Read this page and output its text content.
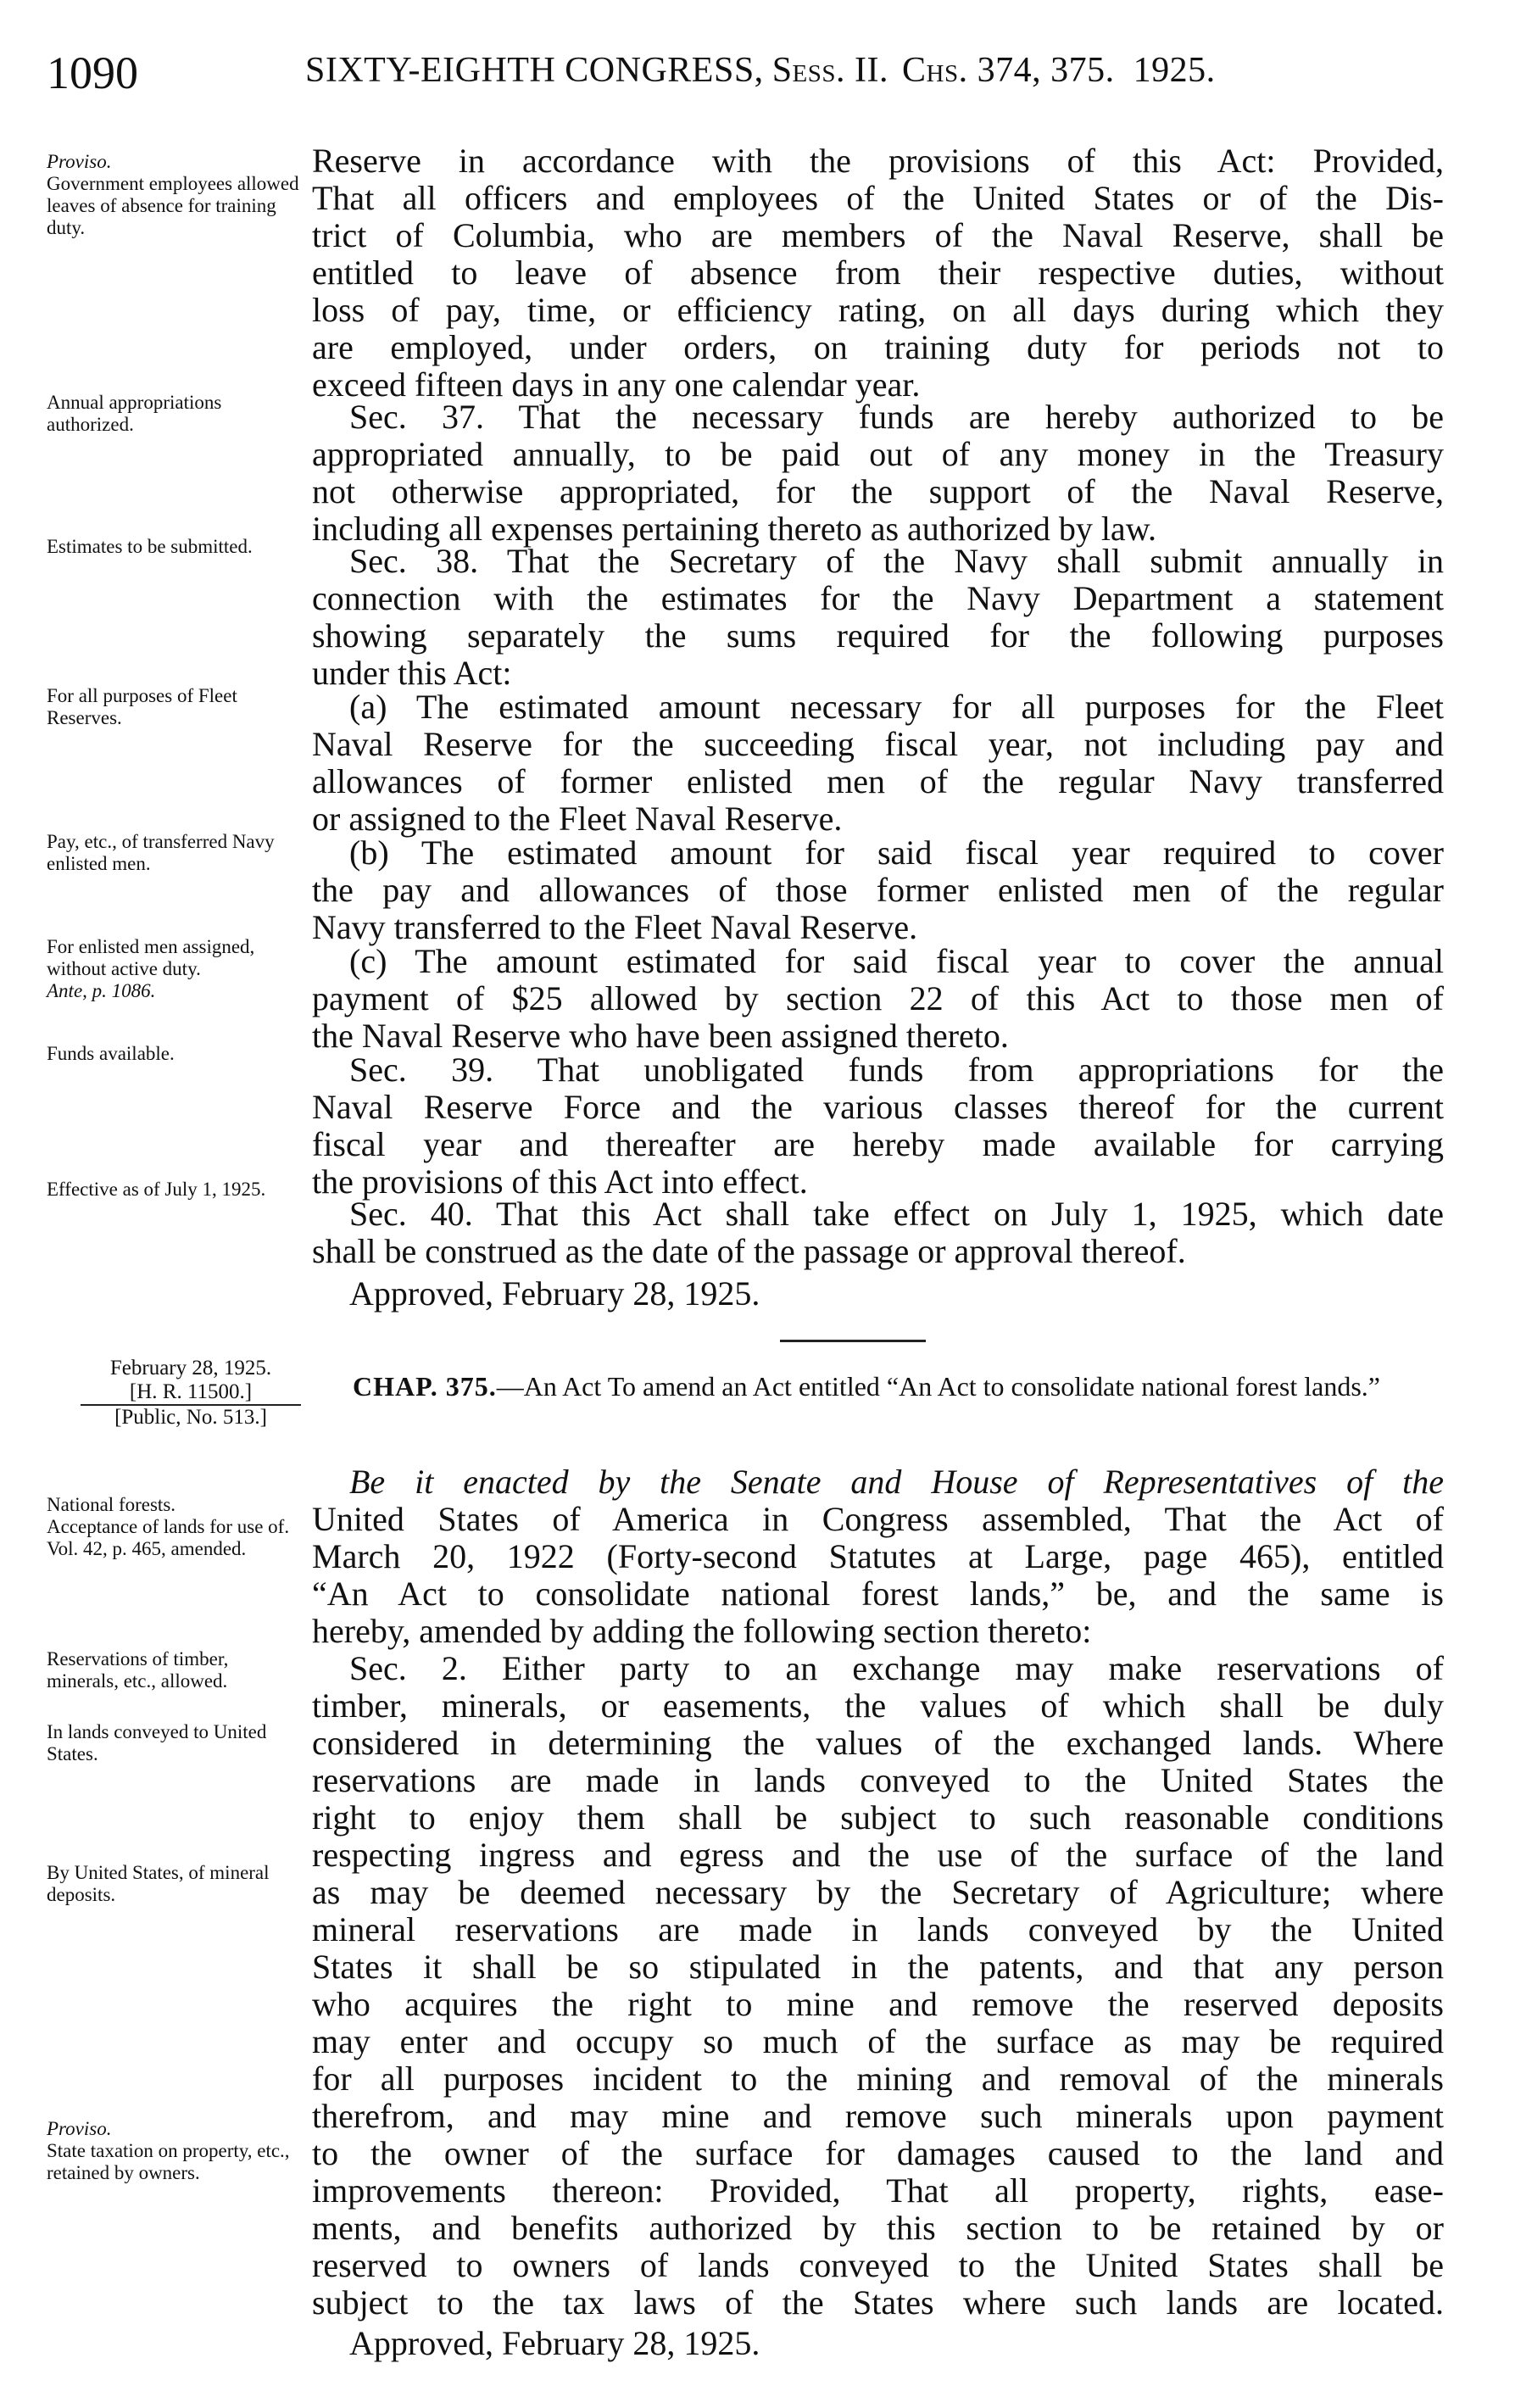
1090	SIXTY-EIGHTH CONGRESS, Sess. II. Chs. 374, 375. 1925.
Proviso.
Government employees allowed leaves of absence for training duty.
Annual appropriations authorized.
Estimates to be submitted.
For all purposes of Fleet Reserves.
Pay, etc., of transferred Navy enlisted men.
For enlisted men assigned, without active duty.
Ante, p. 1086.
Funds available.
Effective as of July 1, 1925.
February 28, 1925.
[H. R. 11500.]
[Public, No. 513.]
National forests.
Acceptance of lands for use of.
Vol. 42, p. 465, amended.
Reservations of timber, minerals, etc., allowed.
In lands conveyed to United States.
By United States, of mineral deposits.
Proviso.
State taxation on property, etc., retained by owners.
Reserve in accordance with the provisions of this Act: Provided,
That all officers and employees of the United States or of the Dis-
trict of Columbia, who are members of the Naval Reserve, shall be
entitled to leave of absence from their respective duties, without
loss of pay, time, or efficiency rating, on all days during which they
are employed, under orders, on training duty for periods not to
exceed fifteen days in any one calendar year.
Sec. 37. That the necessary funds are hereby authorized to be
appropriated annually, to be paid out of any money in the Treasury
not otherwise appropriated, for the support of the Naval Reserve,
including all expenses pertaining thereto as authorized by law.
Sec. 38. That the Secretary of the Navy shall submit annually in
connection with the estimates for the Navy Department a statement
showing separately the sums required for the following purposes
under this Act:
(a) The estimated amount necessary for all purposes for the Fleet
Naval Reserve for the succeeding fiscal year, not including pay and
allowances of former enlisted men of the regular Navy transferred
or assigned to the Fleet Naval Reserve.
(b) The estimated amount for said fiscal year required to cover
the pay and allowances of those former enlisted men of the regular
Navy transferred to the Fleet Naval Reserve.
(c) The amount estimated for said fiscal year to cover the annual
payment of $25 allowed by section 22 of this Act to those men of
the Naval Reserve who have been assigned thereto.
Sec. 39. That unobligated funds from appropriations for the
Naval Reserve Force and the various classes thereof for the current
fiscal year and thereafter are hereby made available for carrying
the provisions of this Act into effect.
Sec. 40. That this Act shall take effect on July 1, 1925, which date
shall be construed as the date of the passage or approval thereof.
Approved, February 28, 1925.
CHAP. 375.—An Act To amend an Act entitled “An Act to consolidate national forest lands.”
Be it enacted by the Senate and House of Representatives of the
United States of America in Congress assembled, That the Act of
March 20, 1922 (Forty-second Statutes at Large, page 465), entitled
“An Act to consolidate national forest lands,” be, and the same is
hereby, amended by adding the following section thereto:
Sec. 2. Either party to an exchange may make reservations of
timber, minerals, or easements, the values of which shall be duly
considered in determining the values of the exchanged lands. Where
reservations are made in lands conveyed to the United States the
right to enjoy them shall be subject to such reasonable conditions
respecting ingress and egress and the use of the surface of the land
as may be deemed necessary by the Secretary of Agriculture; where
mineral reservations are made in lands conveyed by the United
States it shall be so stipulated in the patents, and that any person
who acquires the right to mine and remove the reserved deposits
may enter and occupy so much of the surface as may be required
for all purposes incident to the mining and removal of the minerals
therefrom, and may mine and remove such minerals upon payment
to the owner of the surface for damages caused to the land and
improvements thereon: Provided, That all property, rights, ease-
ments, and benefits authorized by this section to be retained by or
reserved to owners of lands conveyed to the United States shall be
subject to the tax laws of the States where such lands are located.
Approved, February 28, 1925.
